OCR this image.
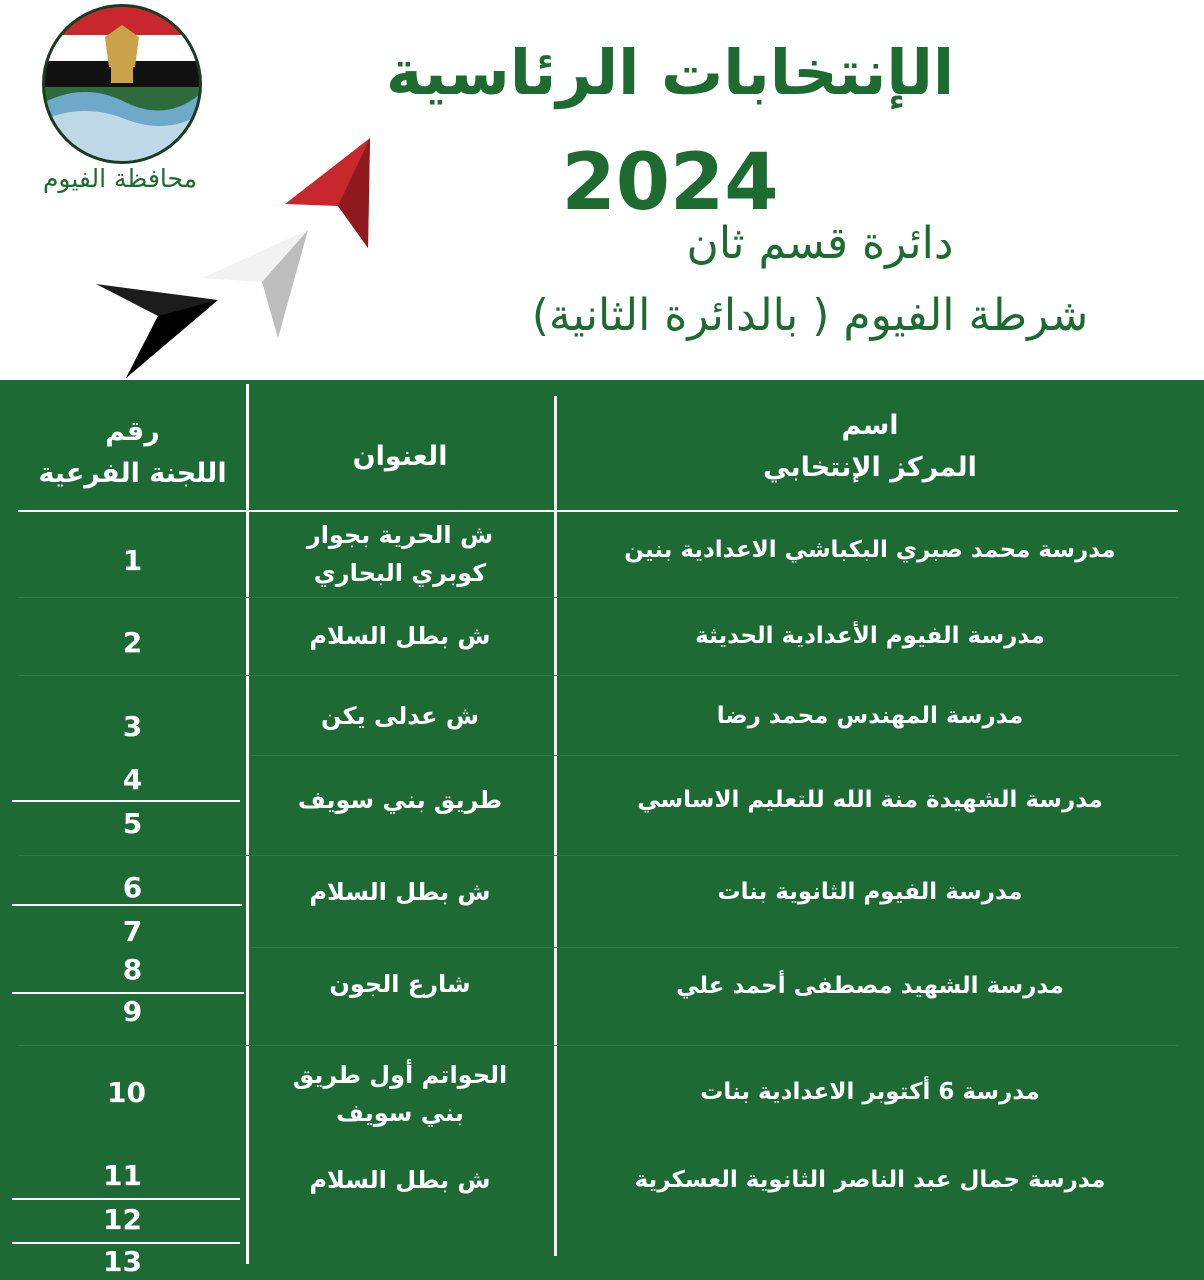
محافظة الفيوم
الإنتخابات الرئاسية 2024
دائرة قسم ثان
شرطة الفيوم ( بالدائرة الثانية)
اسم
المركز الإنتخابي
العنوان
رقم
اللجنة الفرعية
مدرسة محمد صبري البكباشي الاعدادية بنين
ش الحرية بجوار
كوبري البحاري
1
مدرسة الفيوم الأعدادية الحديثة
ش بطل السلام
2
مدرسة المهندس محمد رضا
ش عدلى يكن
3
مدرسة الشهيدة منة الله للتعليم الاساسي
طريق بني سويف
4
5
مدرسة الفيوم الثانوية بنات
ش بطل السلام
6
7
مدرسة الشهيد مصطفى أحمد علي
شارع الجون
8
9
مدرسة 6 أكتوبر الاعدادية بنات
الحواتم أول طريق
بني سويف
10
مدرسة جمال عبد الناصر الثانوية العسكرية
ش بطل السلام
11
12
13
